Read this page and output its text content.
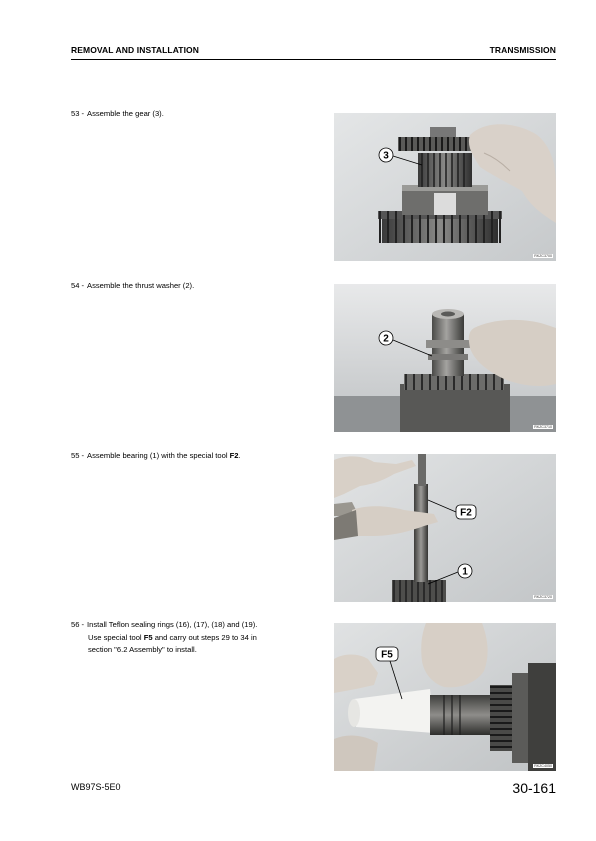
REMOVAL AND INSTALLATION	TRANSMISSION
53 - Assemble the gear (3).
3
RKZC3700
54 - Assemble the thrust washer (2).
2
RKZC3710
55 - Assemble bearing (1) with the special tool F2.
F2
1
RKZC3720
56 - Install Teflon sealing rings (16), (17), (18) and (19).
Use special tool F5 and carry out steps 29 to 34 in
section "6.2 Assembly" to install.	F5
RKZC4050
WB97S-5E0	30-161
